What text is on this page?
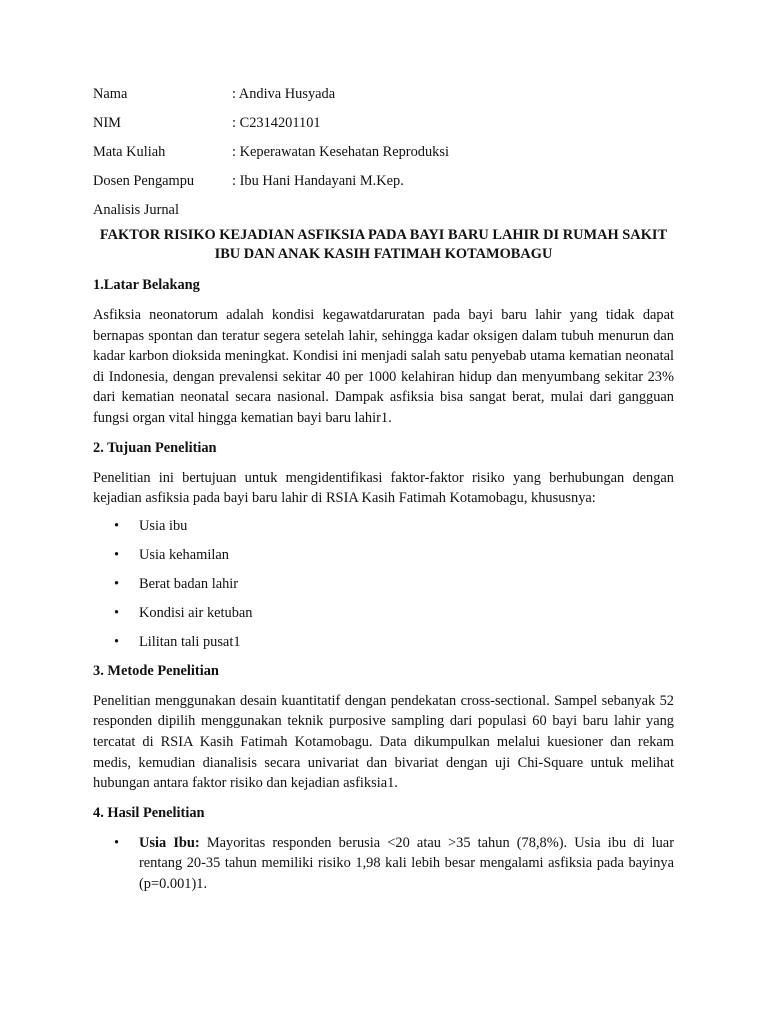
Nama	: Andiva Husyada
NIM	: C2314201101
Mata Kuliah	: Keperawatan Kesehatan Reproduksi
Dosen Pengampu	: Ibu Hani Handayani M.Kep.
Analisis Jurnal
FAKTOR RISIKO KEJADIAN ASFIKSIA PADA BAYI BARU LAHIR DI RUMAH SAKIT IBU DAN ANAK KASIH FATIMAH KOTAMOBAGU
1.Latar Belakang

Asfiksia neonatorum adalah kondisi kegawatdaruratan pada bayi baru lahir yang tidak dapat bernapas spontan dan teratur segera setelah lahir, sehingga kadar oksigen dalam tubuh menurun dan kadar karbon dioksida meningkat. Kondisi ini menjadi salah satu penyebab utama kematian neonatal di Indonesia, dengan prevalensi sekitar 40 per 1000 kelahiran hidup dan menyumbang sekitar 23% dari kematian neonatal secara nasional. Dampak asfiksia bisa sangat berat, mulai dari gangguan fungsi organ vital hingga kematian bayi baru lahir1.

2. Tujuan Penelitian

Penelitian ini bertujuan untuk mengidentifikasi faktor-faktor risiko yang berhubungan dengan kejadian asfiksia pada bayi baru lahir di RSIA Kasih Fatimah Kotamobagu, khususnya:

• Usia ibu
• Usia kehamilan
• Berat badan lahir
• Kondisi air ketuban
• Lilitan tali pusat1
3. Metode Penelitian

Penelitian menggunakan desain kuantitatif dengan pendekatan cross-sectional. Sampel sebanyak 52 responden dipilih menggunakan teknik purposive sampling dari populasi 60 bayi baru lahir yang tercatat di RSIA Kasih Fatimah Kotamobagu. Data dikumpulkan melalui kuesioner dan rekam medis, kemudian dianalisis secara univariat dan bivariat dengan uji Chi-Square untuk melihat hubungan antara faktor risiko dan kejadian asfiksia1.

4. Hasil Penelitian
• Usia Ibu: Mayoritas responden berusia <20 atau >35 tahun (78,8%). Usia ibu di luar rentang 20-35 tahun memiliki risiko 1,98 kali lebih besar mengalami asfiksia pada bayinya (p=0.001)1.
